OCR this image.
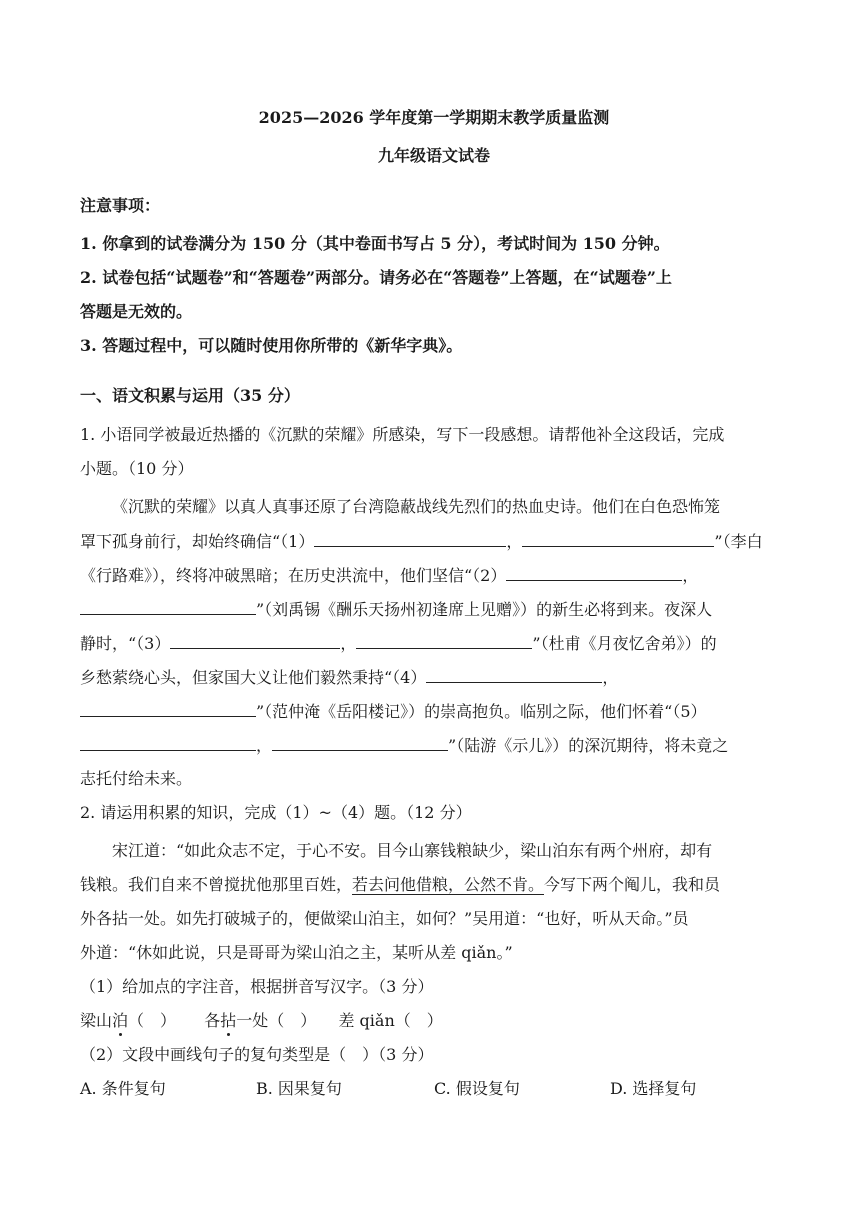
2025—2026 学年度第一学期期末教学质量监测
九年级语文试卷
注意事项：
1. 你拿到的试卷满分为 150 分（其中卷面书写占 5 分），考试时间为 150 分钟。
2. 试卷包括“试题卷”和“答题卷”两部分。请务必在“答题卷”上答题，在“试题卷”上
答题是无效的。
3. 答题过程中，可以随时使用你所带的《新华字典》。
一、语文积累与运用（35 分）
1. 小语同学被最近热播的《沉默的荣耀》所感染，写下一段感想。请帮他补全这段话，完成
小题。（10 分）
《沉默的荣耀》以真人真事还原了台湾隐蔽战线先烈们的热血史诗。他们在白色恐怖笼
罩下孤身前行，却始终确信“（1）	，	”（李白
《行路难》），终将冲破黑暗；在历史洪流中，他们坚信“（2）	，
”（刘禹锡《酬乐天扬州初逢席上见赠》）的新生必将到来。夜深人
静时，“（3）	，	”（杜甫《月夜忆舍弟》）的
乡愁萦绕心头，但家国大义让他们毅然秉持“（4）	，
”（范仲淹《岳阳楼记》）的崇高抱负。临别之际，他们怀着“（5）
，	”（陆游《示儿》）的深沉期待，将未竟之
志托付给未来。
2. 请运用积累的知识，完成（1）~（4）题。（12 分）
宋江道：“如此众志不定，于心不安。目今山寨钱粮缺少，梁山泊东有两个州府，却有
钱粮。我们自来不曾搅扰他那里百姓，若去问他借粮，公然不肯。今写下两个阄儿，我和员
外各拈一处。如先打破城子的，便做梁山泊主，如何？”吴用道：“也好，听从天命。”员
外道：“休如此说，只是哥哥为梁山泊之主，某听从差 qiǎn。”
（1）给加点的字注音，根据拼音写汉字。（3 分）
梁山泊（　） 各拈一处（　） 差 qiǎn（　）
（2）文段中画线句子的复句类型是（　）（3 分）
A. 条件复句	B. 因果复句	C. 假设复句	D. 选择复句
